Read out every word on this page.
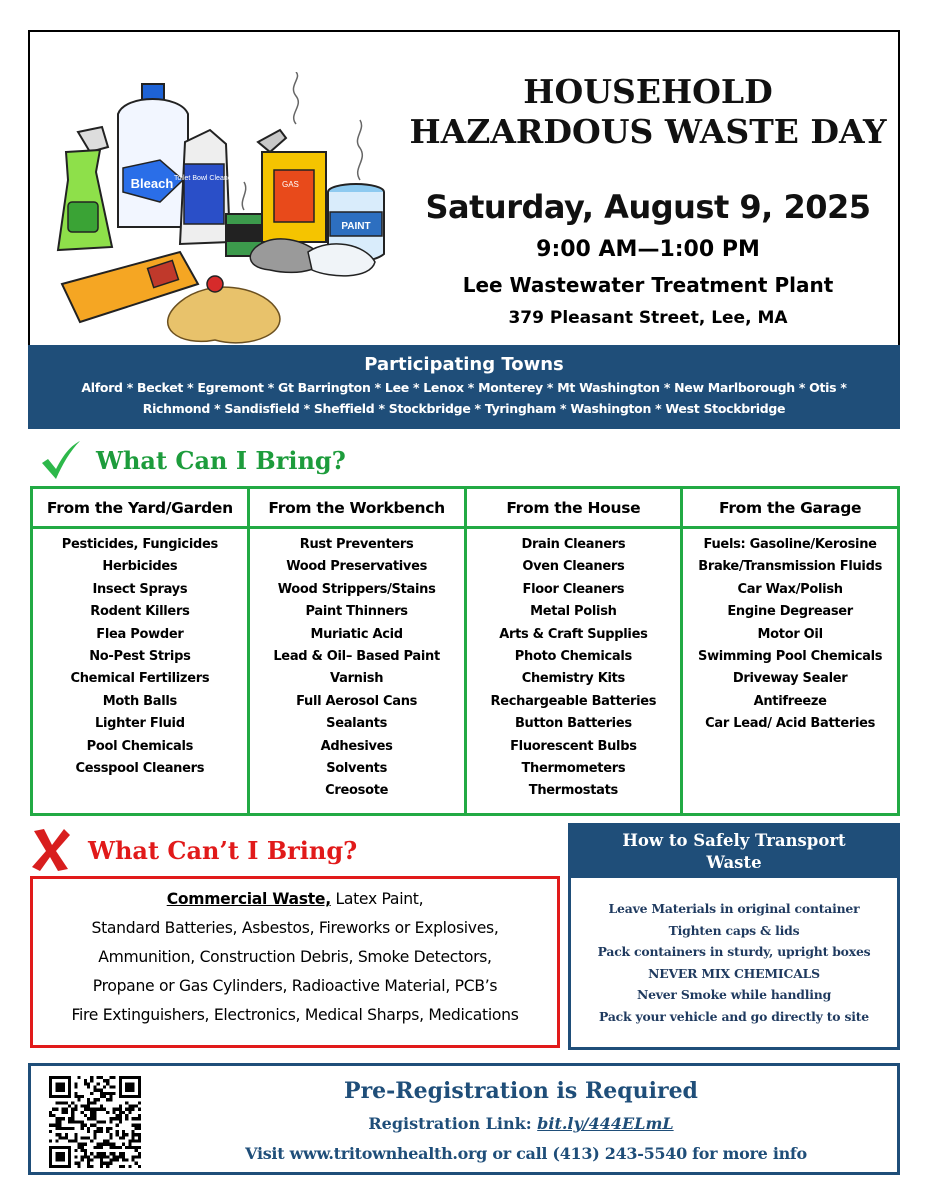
Bleach Toilet Bowl Cleaner
GAS
PAINT
HOUSEHOLD
HAZARDOUS WASTE DAY
Saturday, August 9, 2025
9:00 AM—1:00 PM
Lee Wastewater Treatment Plant
379 Pleasant Street, Lee, MA
Participating Towns
Alford * Becket * Egremont * Gt Barrington * Lee * Lenox * Monterey * Mt Washington * New Marlborough * Otis *
Richmond * Sandisfield * Sheffield * Stockbridge * Tyringham * Washington * West Stockbridge
What Can I Bring?
From the Yard/Garden
Pesticides, Fungicides
Herbicides
Insect Sprays
Rodent Killers
Flea Powder
No-Pest Strips
Chemical Fertilizers
Moth Balls
Lighter Fluid
Pool Chemicals
Cesspool Cleaners
From the Workbench
Rust Preventers
Wood Preservatives
Wood Strippers/Stains
Paint Thinners
Muriatic Acid
Lead & Oil– Based Paint
Varnish
Full Aerosol Cans
Sealants
Adhesives
Solvents
Creosote
From the House
Drain Cleaners
Oven Cleaners
Floor Cleaners
Metal Polish
Arts & Craft Supplies
Photo Chemicals
Chemistry Kits
Rechargeable Batteries
Button Batteries
Fluorescent Bulbs
Thermometers
Thermostats
From the Garage
Fuels: Gasoline/Kerosine
Brake/Transmission Fluids
Car Wax/Polish
Engine Degreaser
Motor Oil
Swimming Pool Chemicals
Driveway Sealer
Antifreeze
Car Lead/ Acid Batteries
What Can’t I Bring?
Commercial Waste, Latex Paint,
Standard Batteries, Asbestos, Fireworks or Explosives,
Ammunition, Construction Debris, Smoke Detectors,
Propane or Gas Cylinders, Radioactive Material, PCB’s
Fire Extinguishers, Electronics, Medical Sharps, Medications
How to Safely Transport
Waste
Leave Materials in original container
Tighten caps & lids
Pack containers in sturdy, upright boxes
NEVER MIX CHEMICALS
Never Smoke while handling
Pack your vehicle and go directly to site
Pre-Registration is Required
Registration Link: bit.ly/444ELmL
Visit www.tritownhealth.org or call (413) 243-5540 for more info
